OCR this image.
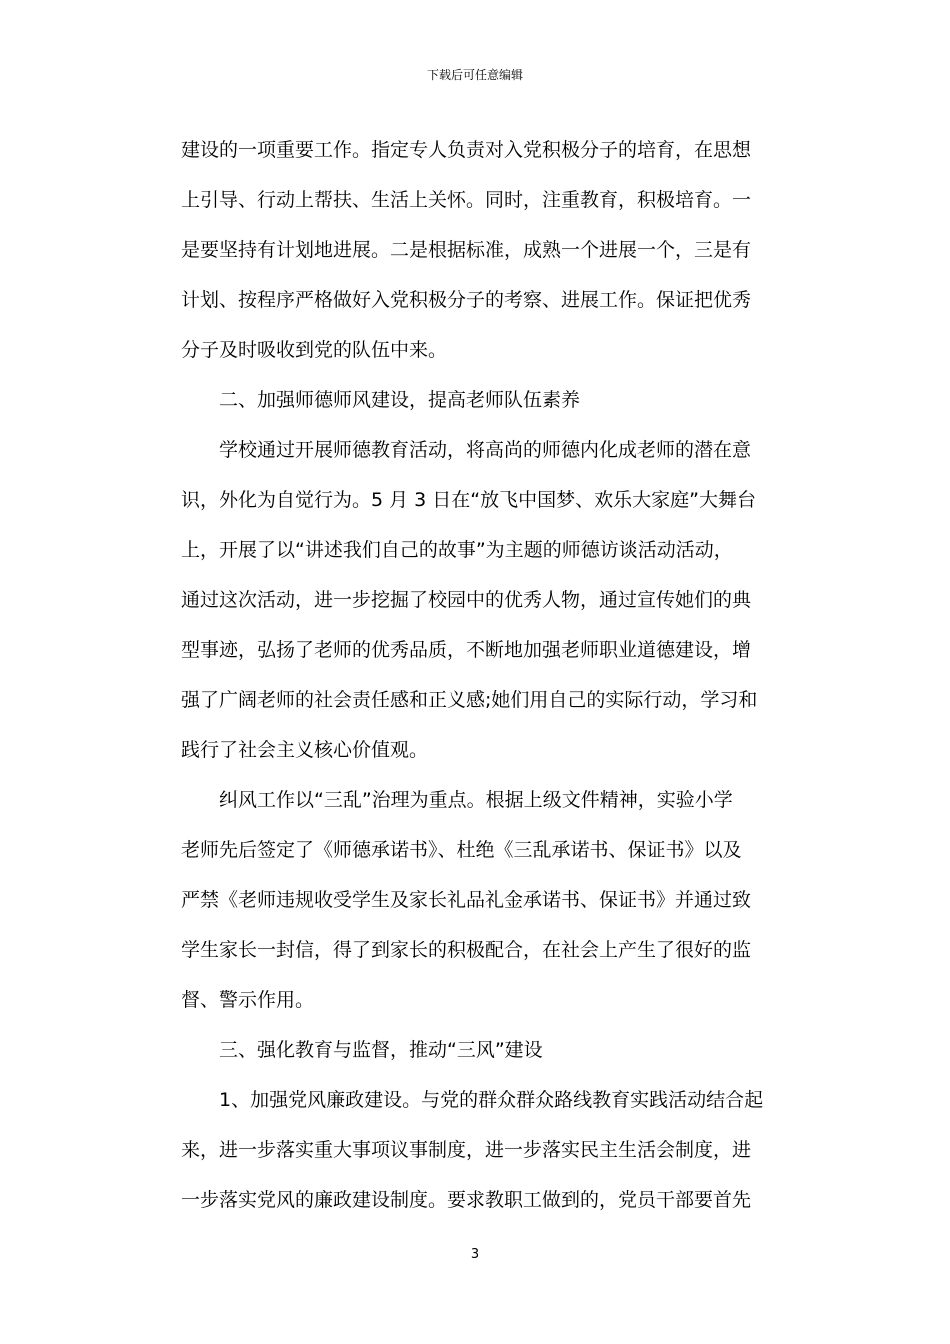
下载后可任意编辑
建设的一项重要工作。指定专人负责对入党积极分子的培育，在思想
上引导、行动上帮扶、生活上关怀。同时，注重教育，积极培育。一
是要坚持有计划地进展。二是根据标准，成熟一个进展一个，三是有
计划、按程序严格做好入党积极分子的考察、进展工作。保证把优秀
分子及时吸收到党的队伍中来。
二、加强师德师风建设，提高老师队伍素养
学校通过开展师德教育活动，将高尚的师德内化成老师的潜在意
识，外化为自觉行为。5 月 3 日在“放飞中国梦、欢乐大家庭”大舞台
上，开展了以“讲述我们自己的故事”为主题的师德访谈活动活动，
通过这次活动，进一步挖掘了校园中的优秀人物，通过宣传她们的典
型事迹，弘扬了老师的优秀品质，不断地加强老师职业道德建设，增
强了广阔老师的社会责任感和正义感;她们用自己的实际行动，学习和
践行了社会主义核心价值观。
纠风工作以“三乱”治理为重点。根据上级文件精神，实验小学
老师先后签定了《师德承诺书》、杜绝《三乱承诺书、保证书》以及
严禁《老师违规收受学生及家长礼品礼金承诺书、保证书》并通过致
学生家长一封信，得了到家长的积极配合，在社会上产生了很好的监
督、警示作用。
三、强化教育与监督，推动“三风”建设
1、加强党风廉政建设。与党的群众群众路线教育实践活动结合起
来，进一步落实重大事项议事制度，进一步落实民主生活会制度，进
一步落实党风的廉政建设制度。要求教职工做到的，党员干部要首先
3
